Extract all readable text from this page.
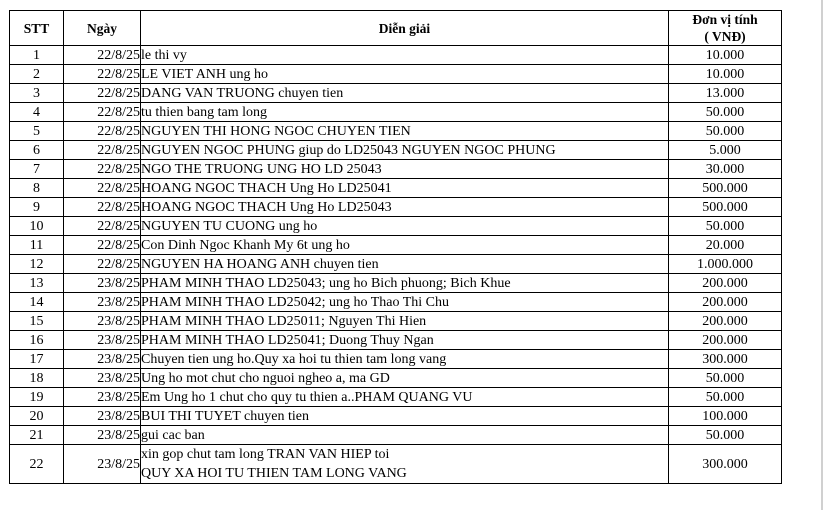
STT	Ngày	Diễn giải	Đơn vị tính
( VNĐ)

1	22/8/25	le thi vy	10.000
2	22/8/25	LE VIET ANH ung ho	10.000
3	22/8/25	DANG VAN TRUONG chuyen tien	13.000
4	22/8/25	tu thien bang tam long	50.000
5	22/8/25	NGUYEN THI HONG NGOC CHUYEN TIEN	50.000
6	22/8/25	NGUYEN NGOC PHUNG giup do LD25043 NGUYEN NGOC PHUNG	5.000
7	22/8/25	NGO THE TRUONG UNG HO LD 25043	30.000
8	22/8/25	HOANG NGOC THACH Ung Ho LD25041	500.000
9	22/8/25	HOANG NGOC THACH Ung Ho LD25043	500.000
10	22/8/25	NGUYEN TU CUONG ung ho	50.000
11	22/8/25	Con Dinh Ngoc Khanh My 6t ung ho	20.000
12	22/8/25	NGUYEN HA HOANG ANH chuyen tien	1.000.000
13	23/8/25	PHAM MINH THAO LD25043; ung ho Bich phuong; Bich Khue	200.000
14	23/8/25	PHAM MINH THAO LD25042; ung ho Thao Thi Chu	200.000
15	23/8/25	PHAM MINH THAO LD25011; Nguyen Thi Hien	200.000
16	23/8/25	PHAM MINH THAO LD25041; Duong Thuy Ngan	200.000
17	23/8/25	Chuyen tien ung ho.Quy xa hoi tu thien tam long vang	300.000
18	23/8/25	Ung ho mot chut cho nguoi ngheo a, ma GD	50.000
19	23/8/25	Em Ung ho 1 chut cho quy tu thien a..PHAM QUANG VU	50.000
20	23/8/25	BUI THI TUYET chuyen tien	100.000
21	23/8/25	gui cac ban	50.000
22	23/8/25	xin gop chut tam long TRAN VAN HIEP toi
QUY XA HOI TU THIEN TAM LONG VANG	300.000
